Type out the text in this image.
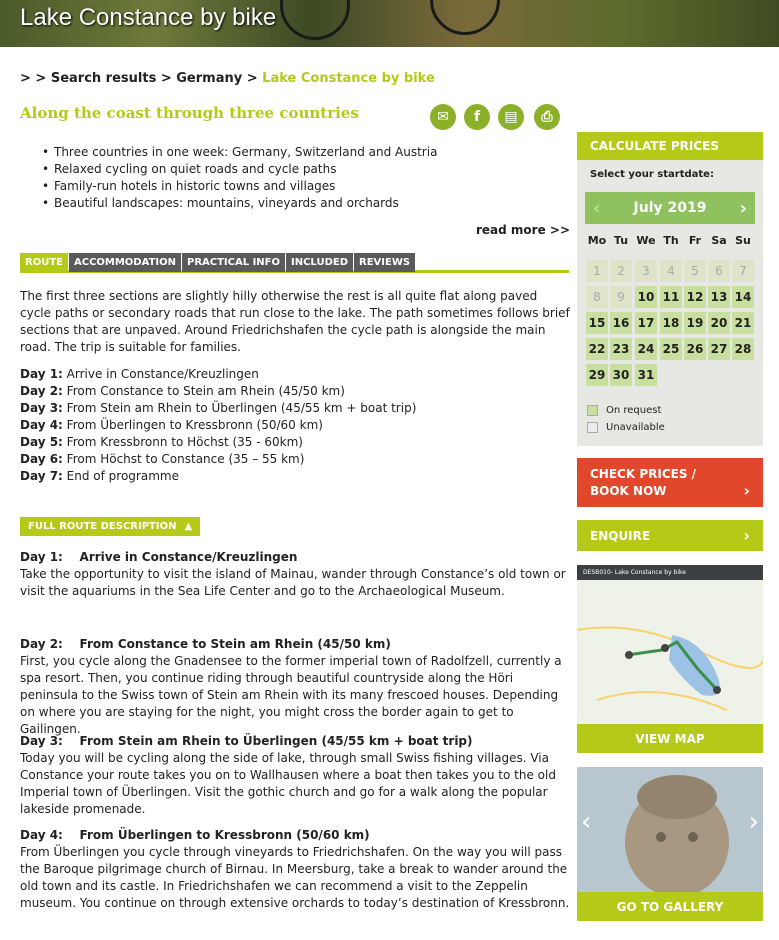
Lake Constance by bike
> > Search results > Germany > Lake Constance by bike
Along the coast through three countries	✉	f	▤	⎙
• Three countries in one week: Germany, Switzerland and Austria
• Relaxed cycling on quiet roads and cycle paths
• Family-run hotels in historic towns and villages
• Beautiful landscapes: mountains, vineyards and orchards
read more >>
ROUTE	ACCOMMODATION	PRACTICAL INFO	INCLUDED	REVIEWS
The first three sections are slightly hilly otherwise the rest is all quite flat along paved cycle paths or secondary roads that run close to the lake. The path sometimes follows brief sections that are unpaved. Around Friedrichshafen the cycle path is alongside the main road. The trip is suitable for families.
Day 1: Arrive in Constance/Kreuzlingen
Day 2: From Constance to Stein am Rhein (45/50 km)
Day 3: From Stein am Rhein to Überlingen (45/55 km + boat trip)
Day 4: From Überlingen to Kressbronn (50/60 km)
Day 5: From Kressbronn to Höchst (35 - 60km)
Day 6: From Höchst to Constance (35 – 55 km)
Day 7: End of programme
FULL ROUTE DESCRIPTION ▲
Day 1:    Arrive in Constance/Kreuzlingen
Take the opportunity to visit the island of Mainau, wander through Constance’s old town or visit the aquariums in the Sea Life Center and go to the Archaeological Museum.
Day 2:    From Constance to Stein am Rhein (45/50 km)
First, you cycle along the Gnadensee to the former imperial town of Radolfzell, currently a spa resort. Then, you continue riding through beautiful countryside along the Höri peninsula to the Swiss town of Stein am Rhein with its many frescoed houses. Depending on where you are staying for the night, you might cross the border again to get to Gailingen.
Day 3:    From Stein am Rhein to Überlingen (45/55 km + boat trip)
Today you will be cycling along the side of lake, through small Swiss fishing villages. Via Constance your route takes you on to Wallhausen where a boat then takes you to the old Imperial town of Überlingen. Visit the gothic church and go for a walk along the popular lakeside promenade.
Day 4:    From Überlingen to Kressbronn (50/60 km)
From Überlingen you cycle through vineyards to Friedrichshafen. On the way you will pass the Baroque pilgrimage church of Birnau. In Meersburg, take a break to wander around the old town and its castle. In Friedrichshafen we can recommend a visit to the Zeppelin museum. You continue on through extensive orchards to today’s destination of Kressbronn.
CALCULATE PRICES
Select your startdate:
‹ July 2019 ›
Mo Tu We Th Fr Sa Su
1	2	3	4	5	6	7
8	9	10 11 12 13 14
15 16 17 18 19 20 21
22 23 24 25 26 27 28
29 30 31
On request
Unavailable
CHECK PRICES / BOOK NOW	›
ENQUIRE	›
DESB010- Lake Constance by bike
VIEW MAP
‹	›
GO TO GALLERY
